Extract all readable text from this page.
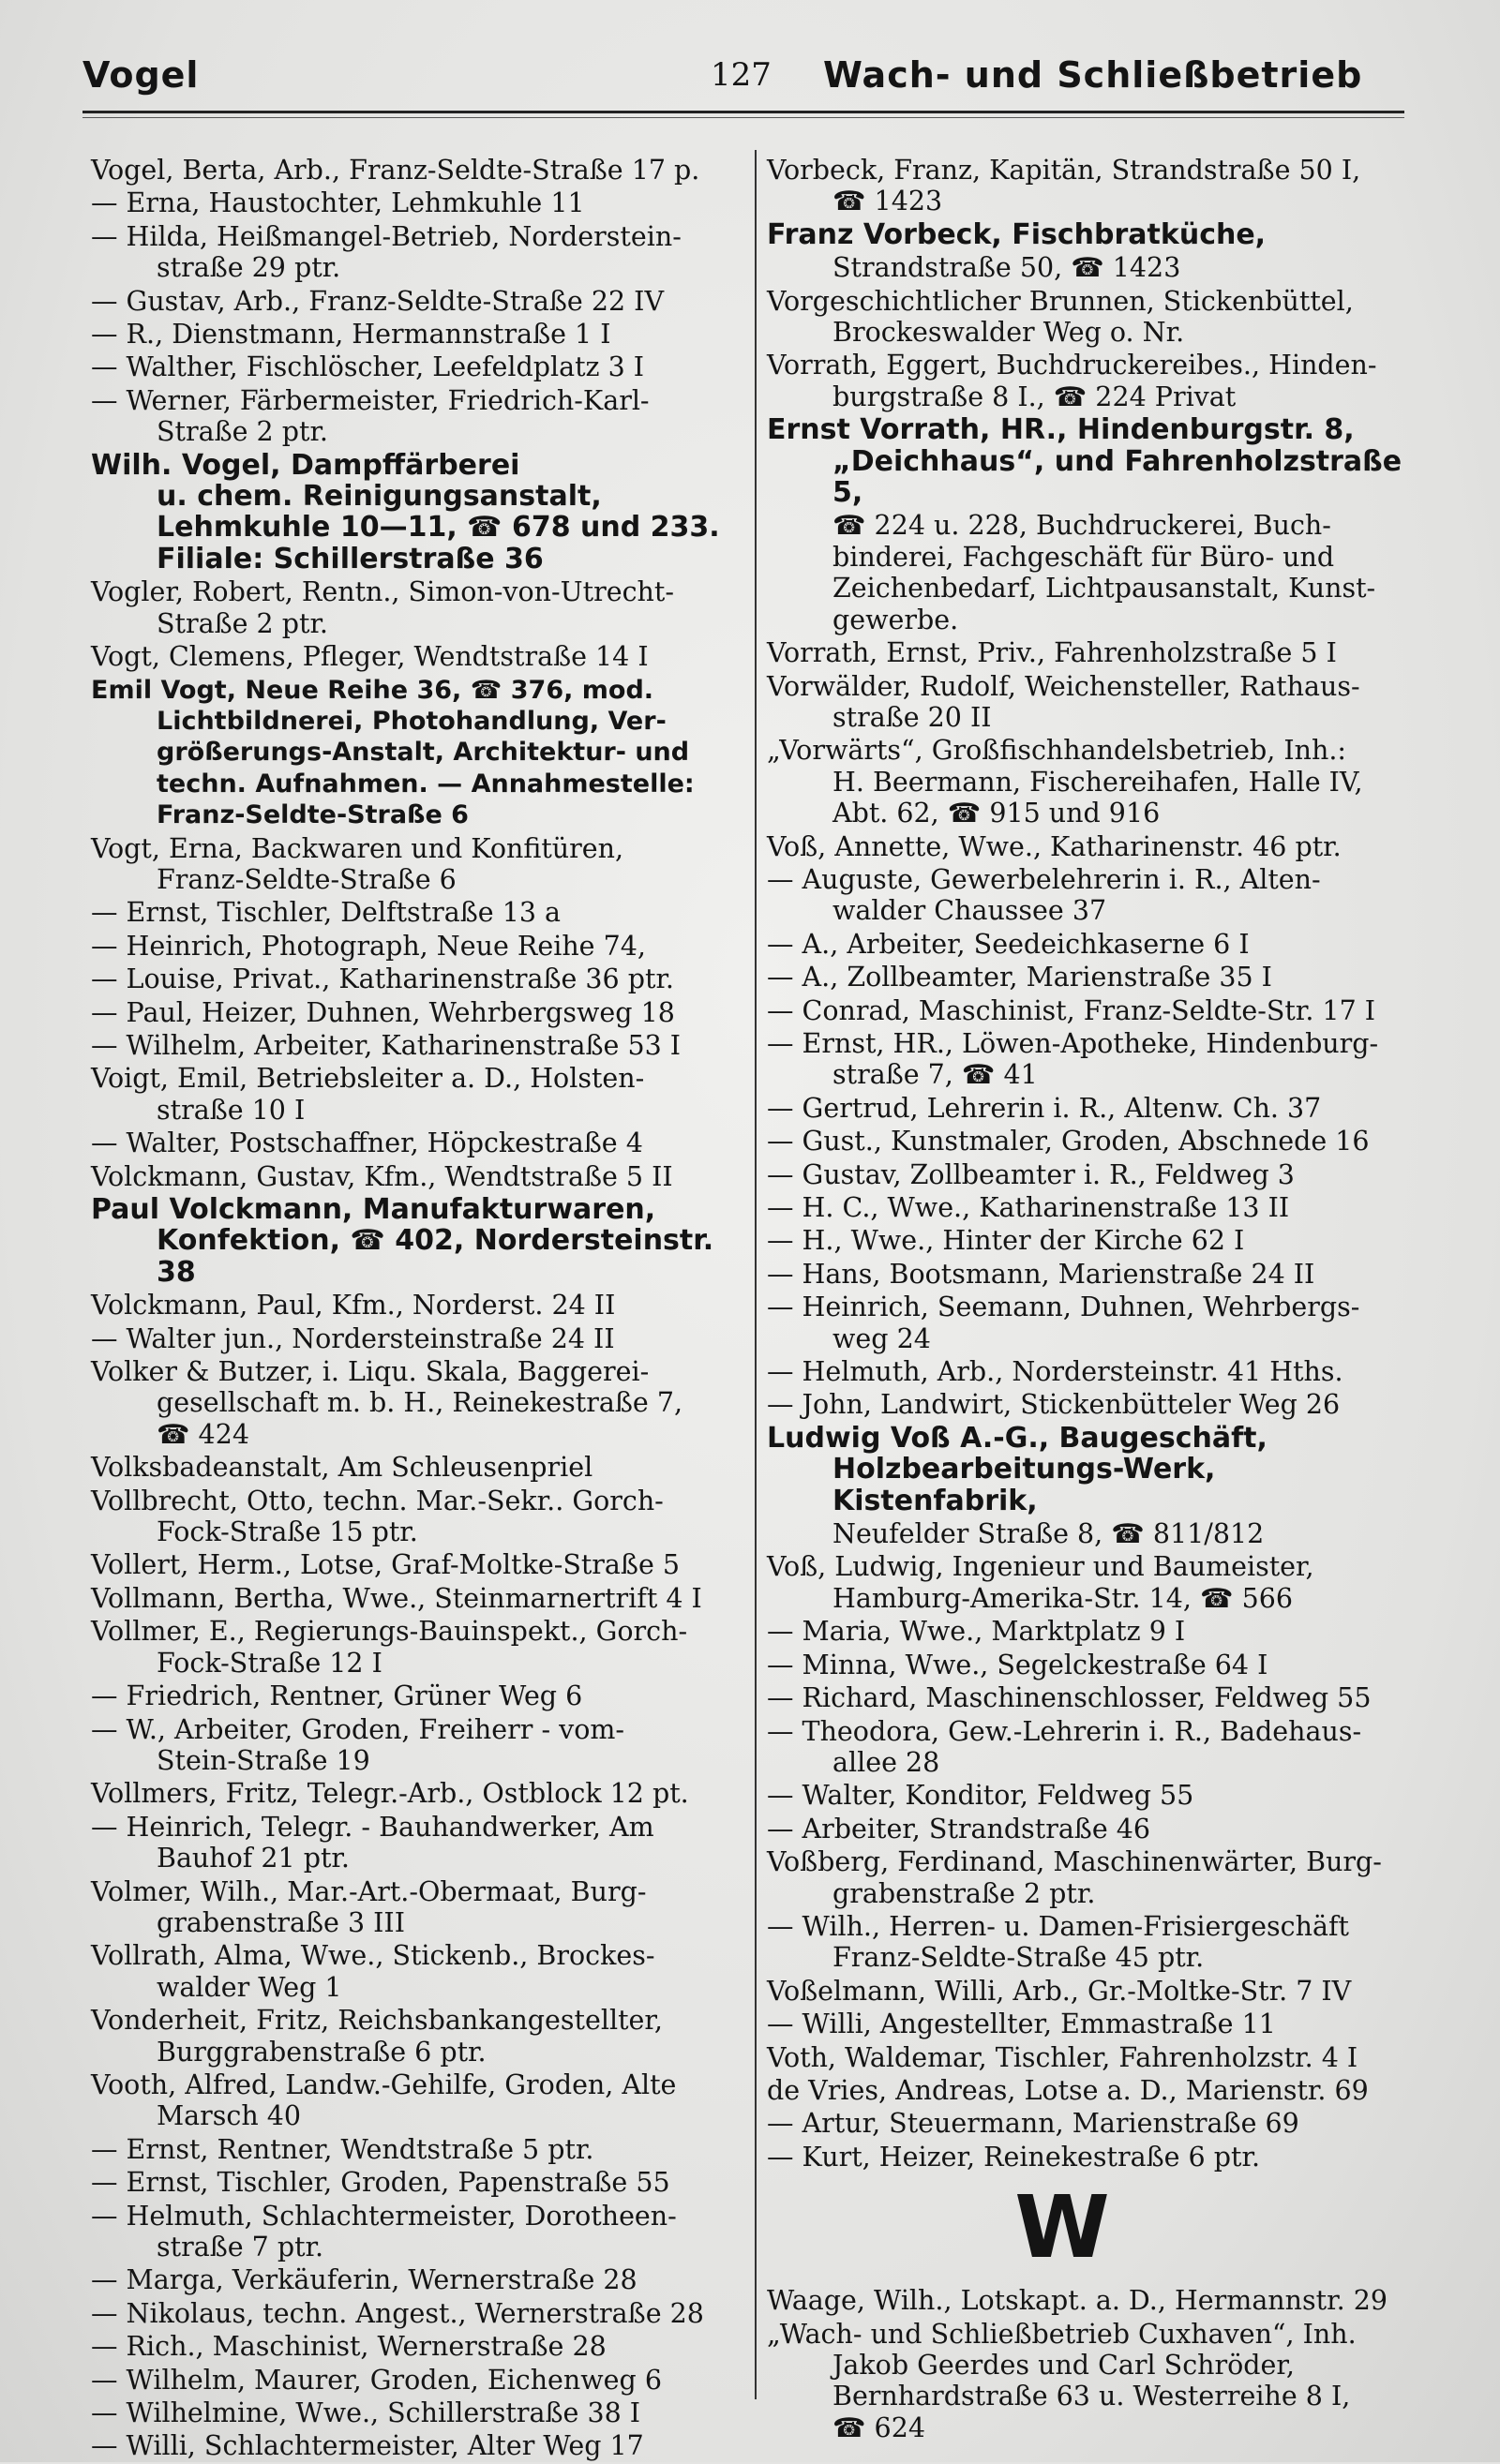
Vogel	127 Wach- und Schließbetrieb
Vogel, Berta, Arb., Franz-Seldte-Straße 17 p.
— Erna, Haustochter, Lehmkuhle 11
— Hilda, Heißmangel-Betrieb, Norderstein-
straße 29 ptr.
— Gustav, Arb., Franz-Seldte-Straße 22 IV
— R., Dienstmann, Hermannstraße 1 I
— Walther, Fischlöscher, Leefeldplatz 3 I
— Werner, Färbermeister, Friedrich-Karl-
Straße 2 ptr.
Wilh. Vogel, Dampffärberei
u. chem. Reinigungsanstalt,
Lehmkuhle 10—11, ☎ 678 und 233.
Filiale: Schillerstraße 36
Vogler, Robert, Rentn., Simon-von-Utrecht-
Straße 2 ptr.
Vogt, Clemens, Pfleger, Wendtstraße 14 I
Emil Vogt, Neue Reihe 36, ☎ 376, mod.
Lichtbildnerei, Photohandlung, Ver-
größerungs-Anstalt, Architektur- und
techn. Aufnahmen. — Annahmestelle:
Franz-Seldte-Straße 6
Vogt, Erna, Backwaren und Konfitüren,
Franz-Seldte-Straße 6
— Ernst, Tischler, Delftstraße 13 a
— Heinrich, Photograph, Neue Reihe 74,
— Louise, Privat., Katharinenstraße 36 ptr.
— Paul, Heizer, Duhnen, Wehrbergsweg 18
— Wilhelm, Arbeiter, Katharinenstraße 53 I
Voigt, Emil, Betriebsleiter a. D., Holsten-
straße 10 I
— Walter, Postschaffner, Höpckestraße 4
Volckmann, Gustav, Kfm., Wendtstraße 5 II
Paul Volckmann, Manufakturwaren,
Konfektion, ☎ 402, Nordersteinstr. 38
Volckmann, Paul, Kfm., Norderst. 24 II
— Walter jun., Nordersteinstraße 24 II
Volker & Butzer, i. Liqu. Skala, Baggerei-
gesellschaft m. b. H., Reinekestraße 7,
☎ 424
Volksbadeanstalt, Am Schleusenpriel
Vollbrecht, Otto, techn. Mar.-Sekr.. Gorch-
Fock-Straße 15 ptr.
Vollert, Herm., Lotse, Graf-Moltke-Straße 5
Vollmann, Bertha, Wwe., Steinmarnertrift 4 I
Vollmer, E., Regierungs-Bauinspekt., Gorch-
Fock-Straße 12 I
— Friedrich, Rentner, Grüner Weg 6
— W., Arbeiter, Groden, Freiherr - vom-
Stein-Straße 19
Vollmers, Fritz, Telegr.-Arb., Ostblock 12 pt.
— Heinrich, Telegr. - Bauhandwerker, Am
Bauhof 21 ptr.
Volmer, Wilh., Mar.-Art.-Obermaat, Burg-
grabenstraße 3 III
Vollrath, Alma, Wwe., Stickenb., Brockes-
walder Weg 1
Vonderheit, Fritz, Reichsbankangestellter,
Burggrabenstraße 6 ptr.
Vooth, Alfred, Landw.-Gehilfe, Groden, Alte
Marsch 40
— Ernst, Rentner, Wendtstraße 5 ptr.
— Ernst, Tischler, Groden, Papenstraße 55
— Helmuth, Schlachtermeister, Dorotheen-
straße 7 ptr.
— Marga, Verkäuferin, Wernerstraße 28
— Nikolaus, techn. Angest., Wernerstraße 28
— Rich., Maschinist, Wernerstraße 28
— Wilhelm, Maurer, Groden, Eichenweg 6
— Wilhelmine, Wwe., Schillerstraße 38 I
— Willi, Schlachtermeister, Alter Weg 17
Vorbeck, Franz, Kapitän, Strandstraße 50 I,
☎ 1423
Franz Vorbeck, Fischbratküche,
Strandstraße 50, ☎ 1423
Vorgeschichtlicher Brunnen, Stickenbüttel,
Brockeswalder Weg o. Nr.
Vorrath, Eggert, Buchdruckereibes., Hinden-
burgstraße 8 I., ☎ 224 Privat
Ernst Vorrath, HR., Hindenburgstr. 8,
„Deichhaus“, und Fahrenholzstraße 5,
☎ 224 u. 228, Buchdruckerei, Buch-
binderei, Fachgeschäft für Büro- und
Zeichenbedarf, Lichtpausanstalt, Kunst-
gewerbe.
Vorrath, Ernst, Priv., Fahrenholzstraße 5 I
Vorwälder, Rudolf, Weichensteller, Rathaus-
straße 20 II
„Vorwärts“, Großfischhandelsbetrieb, Inh.:
H. Beermann, Fischereihafen, Halle IV,
Abt. 62, ☎ 915 und 916
Voß, Annette, Wwe., Katharinenstr. 46 ptr.
— Auguste, Gewerbelehrerin i. R., Alten-
walder Chaussee 37
— A., Arbeiter, Seedeichkaserne 6 I
— A., Zollbeamter, Marienstraße 35 I
— Conrad, Maschinist, Franz-Seldte-Str. 17 I
— Ernst, HR., Löwen-Apotheke, Hindenburg-
straße 7, ☎ 41
— Gertrud, Lehrerin i. R., Altenw. Ch. 37
— Gust., Kunstmaler, Groden, Abschnede 16
— Gustav, Zollbeamter i. R., Feldweg 3
— H. C., Wwe., Katharinenstraße 13 II
— H., Wwe., Hinter der Kirche 62 I
— Hans, Bootsmann, Marienstraße 24 II
— Heinrich, Seemann, Duhnen, Wehrbergs-
weg 24
— Helmuth, Arb., Nordersteinstr. 41 Hths.
— John, Landwirt, Stickenbütteler Weg 26
Ludwig Voß A.-G., Baugeschäft,
Holzbearbeitungs-Werk, Kistenfabrik,
Neufelder Straße 8, ☎ 811/812
Voß, Ludwig, Ingenieur und Baumeister,
Hamburg-Amerika-Str. 14, ☎ 566
— Maria, Wwe., Marktplatz 9 I
— Minna, Wwe., Segelckestraße 64 I
— Richard, Maschinenschlosser, Feldweg 55
— Theodora, Gew.-Lehrerin i. R., Badehaus-
allee 28
— Walter, Konditor, Feldweg 55
— Arbeiter, Strandstraße 46
Voßberg, Ferdinand, Maschinenwärter, Burg-
grabenstraße 2 ptr.
— Wilh., Herren- u. Damen-Frisiergeschäft
Franz-Seldte-Straße 45 ptr.
Voßelmann, Willi, Arb., Gr.-Moltke-Str. 7 IV
— Willi, Angestellter, Emmastraße 11
Voth, Waldemar, Tischler, Fahrenholzstr. 4 I
de Vries, Andreas, Lotse a. D., Marienstr. 69
— Artur, Steuermann, Marienstraße 69
— Kurt, Heizer, Reinekestraße 6 ptr.
W
Waage, Wilh., Lotskapt. a. D., Hermannstr. 29
„Wach- und Schließbetrieb Cuxhaven“, Inh.
Jakob Geerdes und Carl Schröder,
Bernhardstraße 63 u. Westerreihe 8 I,
☎ 624
